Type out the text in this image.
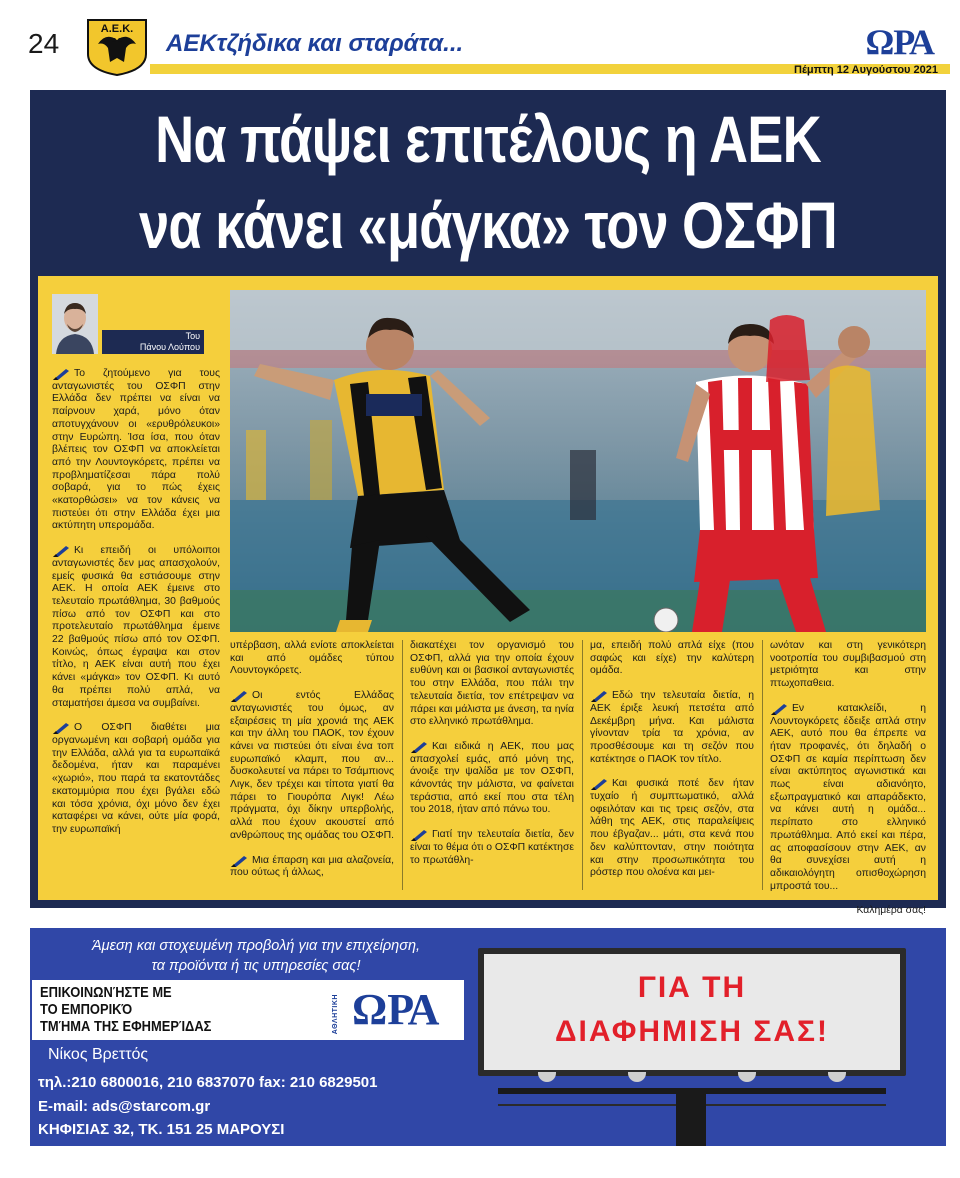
24	Α.Ε.Κ.
AEKτζήδικα και σταράτα...	ΩΡΑ
Πέμπτη 12 Αυγούστου 2021
Να πάψει επιτέλους η ΑΕΚ
να κάνει «μάγκα» τον ΟΣΦΠ
Του
Πάνου Λούπου

Το ζητούμενο για τους ανταγωνιστές του ΟΣΦΠ στην Ελλάδα δεν πρέπει να είναι να παίρνουν χαρά, μόνο όταν αποτυγχάνουν οι «ερυθρόλευκοι» στην Ευρώπη. Ίσα ίσα, που όταν βλέπεις τον ΟΣΦΠ να αποκλείεται από την Λουντογκόρετς, πρέπει να προβληματίζεσαι πάρα πολύ σοβαρά, για το πώς έχεις «κατορθώσει» να τον κάνεις να πιστεύει ότι στην Ελλάδα έχει μια ακτύπητη υπερομάδα.

Κι επειδή οι υπόλοιποι ανταγωνιστές δεν μας απασχολούν, εμείς φυσικά θα εστιάσουμε στην ΑΕΚ. Η οποία ΑΕΚ έμεινε στο τελευταίο πρωτάθλημα, 30 βαθμούς πίσω από τον ΟΣΦΠ και στο προτελευταίο πρωτάθλημα έμεινε 22 βαθμούς πίσω από τον ΟΣΦΠ. Κοινώς, όπως έγραψα και στον τίτλο, η ΑΕΚ είναι αυτή που έχει κάνει «μάγκα» τον ΟΣΦΠ. Κι αυτό θα πρέπει πολύ απλά, να σταματήσει άμεσα να συμβαίνει.

Ο ΟΣΦΠ διαθέτει μια οργανωμένη και σοβαρή ομάδα για την Ελλάδα, αλλά για τα ευρωπαϊκά δεδομένα, ήταν και παραμένει «χωριό», που παρά τα εκατοντάδες εκατομμύρια που έχει βγάλει εδώ και τόσα χρόνια, όχι μόνο δεν έχει καταφέρει να κάνει, ούτε μία φορά, την ευρωπαϊκή

υπέρβαση, αλλά ενίοτε αποκλείεται και από ομάδες τύπου Λουντογκόρετς.

Οι εντός Ελλάδας ανταγωνιστές του όμως, αν εξαιρέσεις τη μία χρονιά της ΑΕΚ και την άλλη του ΠΑΟΚ, τον έχουν κάνει να πιστεύει ότι είναι ένα τοπ ευρωπαϊκό κλαμπ, που αν... δυσκολευτεί να πάρει το Τσάμπιονς Λιγκ, δεν τρέχει και τίποτα γιατί θα πάρει το Γιουρόπα Λιγκ! Λέω πράγματα, όχι δίκην υπερβολής, αλλά που έχουν ακουστεί από ανθρώπους της ομάδας του ΟΣΦΠ.

Μια έπαρση και μια αλαζονεία, που ούτως ή άλλως,

διακατέχει τον οργανισμό του ΟΣΦΠ, αλλά για την οποία έχουν ευθύνη και οι βασικοί ανταγωνιστές του στην Ελλάδα, που πάλι την τελευταία διετία, τον επέτρεψαν να πάρει και μάλιστα με άνεση, τα ηνία στο ελληνικό πρωτάθλημα.

Και ειδικά η ΑΕΚ, που μας απασχολεί εμάς, από μόνη της, άνοιξε την ψαλίδα με τον ΟΣΦΠ, κάνοντάς την μάλιστα, να φαίνεται τεράστια, από εκεί που στα τέλη του 2018, ήταν από πάνω του.

Γιατί την τελευταία διετία, δεν είναι το θέμα ότι ο ΟΣΦΠ κατέκτησε το πρωτάθλη-

μα, επειδή πολύ απλά είχε (που σαφώς και είχε) την καλύτερη ομάδα.

Εδώ την τελευταία διετία, η ΑΕΚ έριξε λευκή πετσέτα από Δεκέμβρη μήνα. Και μάλιστα γίνονταν τρία τα χρόνια, αν προσθέσουμε και τη σεζόν που κατέκτησε ο ΠΑΟΚ τον τίτλο.

Και φυσικά ποτέ δεν ήταν τυχαίο ή συμπτωματικό, αλλά οφειλόταν και τις τρεις σεζόν, στα λάθη της ΑΕΚ, στις παραλείψεις που έβγαζαν... μάτι, στα κενά που δεν καλύπτονταν, στην ποιότητα και στην προσωπικότητα του ρόστερ που ολοένα και μει-

ωνόταν και στη γενικότερη νοοτροπία του συμβιβασμού στη μετριότητα και στην πτωχοπαθεια.

Εν κατακλείδι, η Λουντογκόρετς έδειξε απλά στην ΑΕΚ, αυτό που θα έπρεπε να ήταν προφανές, ότι δηλαδή ο ΟΣΦΠ σε καμία περίπτωση δεν είναι ακτύπητος αγωνιστικά και πως είναι αδιανόητο, εξωπραγματικό και απαράδεκτο, να κάνει αυτή η ομάδα... περίπατο στο ελληνικό πρωτάθλημα. Από εκεί και πέρα, ας αποφασίσουν στην ΑΕΚ, αν θα συνεχίσει αυτή η αδικαιολόγητη οπισθοχώρηση μπροστά του...

Καλημέρα σας!

Άμεση και στοχευμένη προβολή για την επιχείρηση,
τα προϊόντα ή τις υπηρεσίες σας!
ΕΠΙΚΟΙΝΩΝΉΣΤΕ ΜΕ
ΤΟ ΕΜΠΟΡΙΚΌ
ΤΜΉΜΑ ΤΗΣ ΕΦΗΜΕΡΊΔΑΣ	ΑΘΛΗΤΙΚΗ ΩΡΑ
Νίκος Βρεττός
τηλ.:210 6800016, 210 6837070 fax: 210 6829501
E-mail: ads@starcom.gr
ΚΗΦΙΣΙΑΣ 32, ΤΚ. 151 25 ΜΑΡΟΥΣΙ
ΓΙΑ ΤΗ
ΔΙΑΦΗΜΙΣΗ ΣΑΣ!
